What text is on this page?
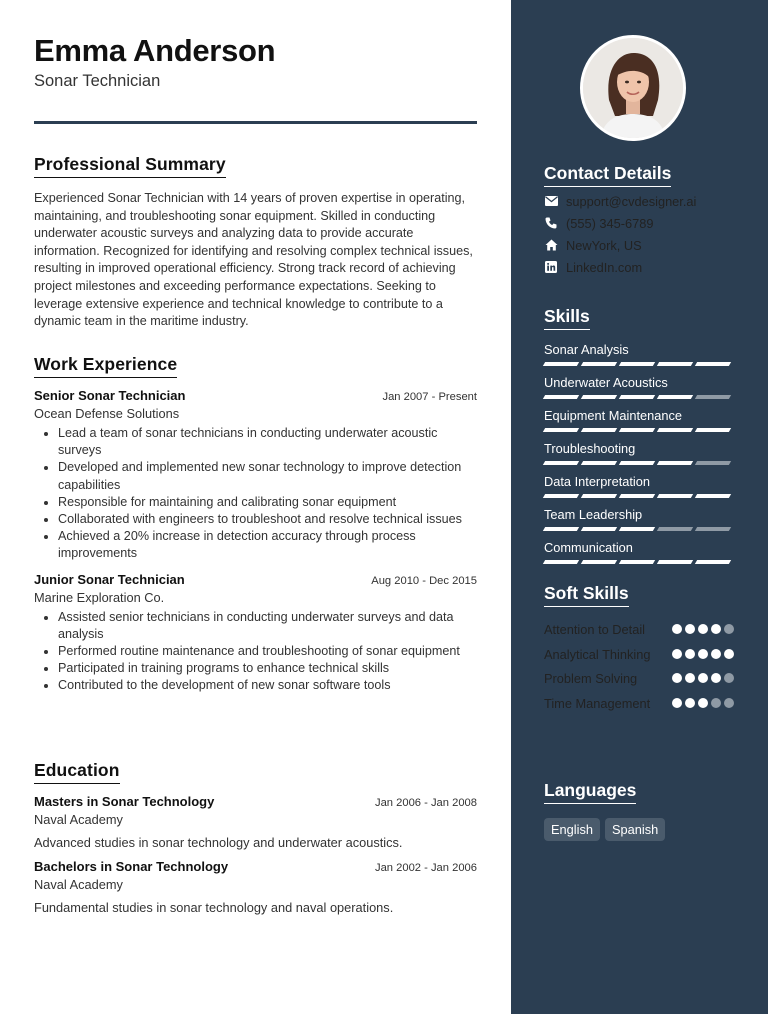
Emma Anderson
Sonar Technician
Professional Summary

Experienced Sonar Technician with 14 years of proven expertise in operating, maintaining, and troubleshooting sonar equipment. Skilled in conducting underwater acoustic surveys and analyzing data to provide accurate information. Recognized for identifying and resolving complex technical issues, resulting in improved operational efficiency. Strong track record of achieving project milestones and exceeding performance expectations. Seeking to leverage extensive experience and technical knowledge to contribute to a dynamic team in the maritime industry.

Work Experience
Senior Sonar Technician	Jan 2007 - Present
Ocean Defense Solutions
• Lead a team of sonar technicians in conducting underwater acoustic surveys
• Developed and implemented new sonar technology to improve detection capabilities
• Responsible for maintaining and calibrating sonar equipment
• Collaborated with engineers to troubleshoot and resolve technical issues
• Achieved a 20% increase in detection accuracy through process improvements
Junior Sonar Technician	Aug 2010 - Dec 2015
Marine Exploration Co.
• Assisted senior technicians in conducting underwater surveys and data analysis
• Performed routine maintenance and troubleshooting of sonar equipment
• Participated in training programs to enhance technical skills
• Contributed to the development of new sonar software tools
Education
Masters in Sonar Technology	Jan 2006 - Jan 2008
Naval Academy
Advanced studies in sonar technology and underwater acoustics.
Bachelors in Sonar Technology	Jan 2002 - Jan 2006
Naval Academy
Fundamental studies in sonar technology and naval operations.
Contact Details
support@cvdesigner.ai
(555) 345-6789
NewYork, US
LinkedIn.com
Skills
Sonar Analysis
Underwater Acoustics
Equipment Maintenance
Troubleshooting
Data Interpretation
Team Leadership
Communication
Soft Skills
Attention to Detail
Analytical Thinking
Problem Solving
Time Management
Languages
English	Spanish
